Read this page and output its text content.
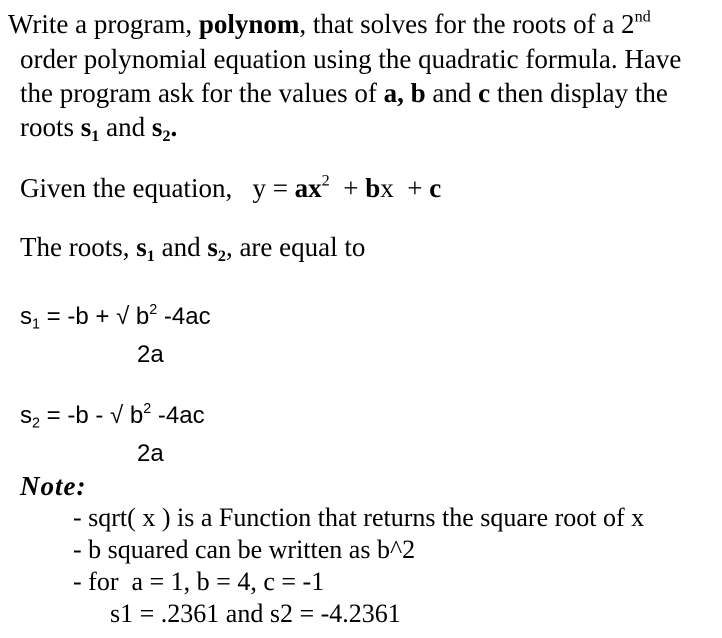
Write a program, polynom, that solves for the roots of a 2nd
order polynomial equation using the quadratic formula. Have
the program ask for the values of a, b and c then display the
roots $s_1$ and $s_2$.
Given the equation,   $y = ax^2$  + bx  + c
The roots, $s_1$ and $s_2$, are equal to
$s_1 = -b$ + √ $b^2$ -4ac
2a
$s_2 = -b$ - √ $b^2$ -4ac
2a
Note:
- sqrt( x ) is a Function that returns the square root of x
- b squared can be written as b^2
- for  a = 1, b = 4, c = -1
s1 = .2361 and s2 = -4.2361
